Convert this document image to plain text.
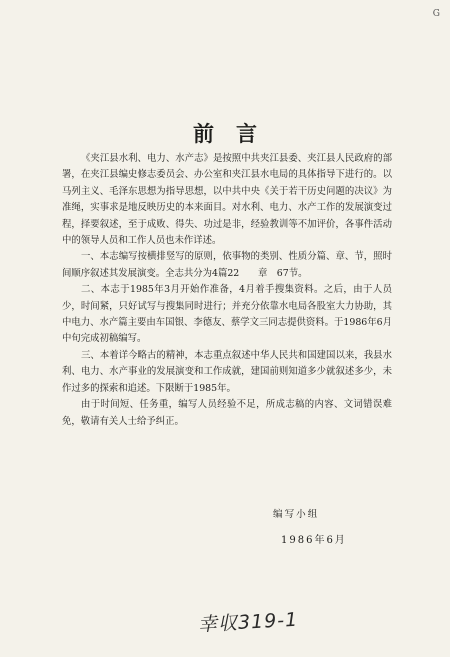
G
前言

《夹江县水利、电力、水产志》是按照中共夹江县委、夹江县人民政府的部署，在夹江县编史修志委员会、办公室和夹江县水电局的具体指导下进行的。以马列主义、毛泽东思想为指导思想，以中共中央《关于若干历史问题的决议》为准绳，实事求是地反映历史的本来面目。对水利、电力、水产工作的发展演变过程，择要叙述，至于成败、得失、功过是非，经验教训等不加评价，各事件活动中的领导人员和工作人员也未作详述。

一、本志编写按横排竖写的原则，依事物的类别、性质分篇、章、节，照时间顺序叙述其发展演变。全志共分为4篇22　　章　67节。

二、本志于1985年3月开始作准备，4月着手搜集资料。之后，由于人员少，时间紧，只好试写与搜集同时进行；并充分依靠水电局各股室大力协助，其中电力、水产篇主要由车国银、李德友、蔡学文三同志提供资料。于1986年6月中旬完成初稿编写。

三、本着详今略古的精神，本志重点叙述中华人民共和国建国以来，我县水利、电力、水产事业的发展演变和工作成就，建国前则知道多少就叙述多少，未作过多的探索和追述。下限断于1985年。

由于时间短、任务重，编写人员经验不足，所成志稿的内容、文词错误难免，敬请有关人士给予纠正。

编写小组
1986年6月
幸収319-1
